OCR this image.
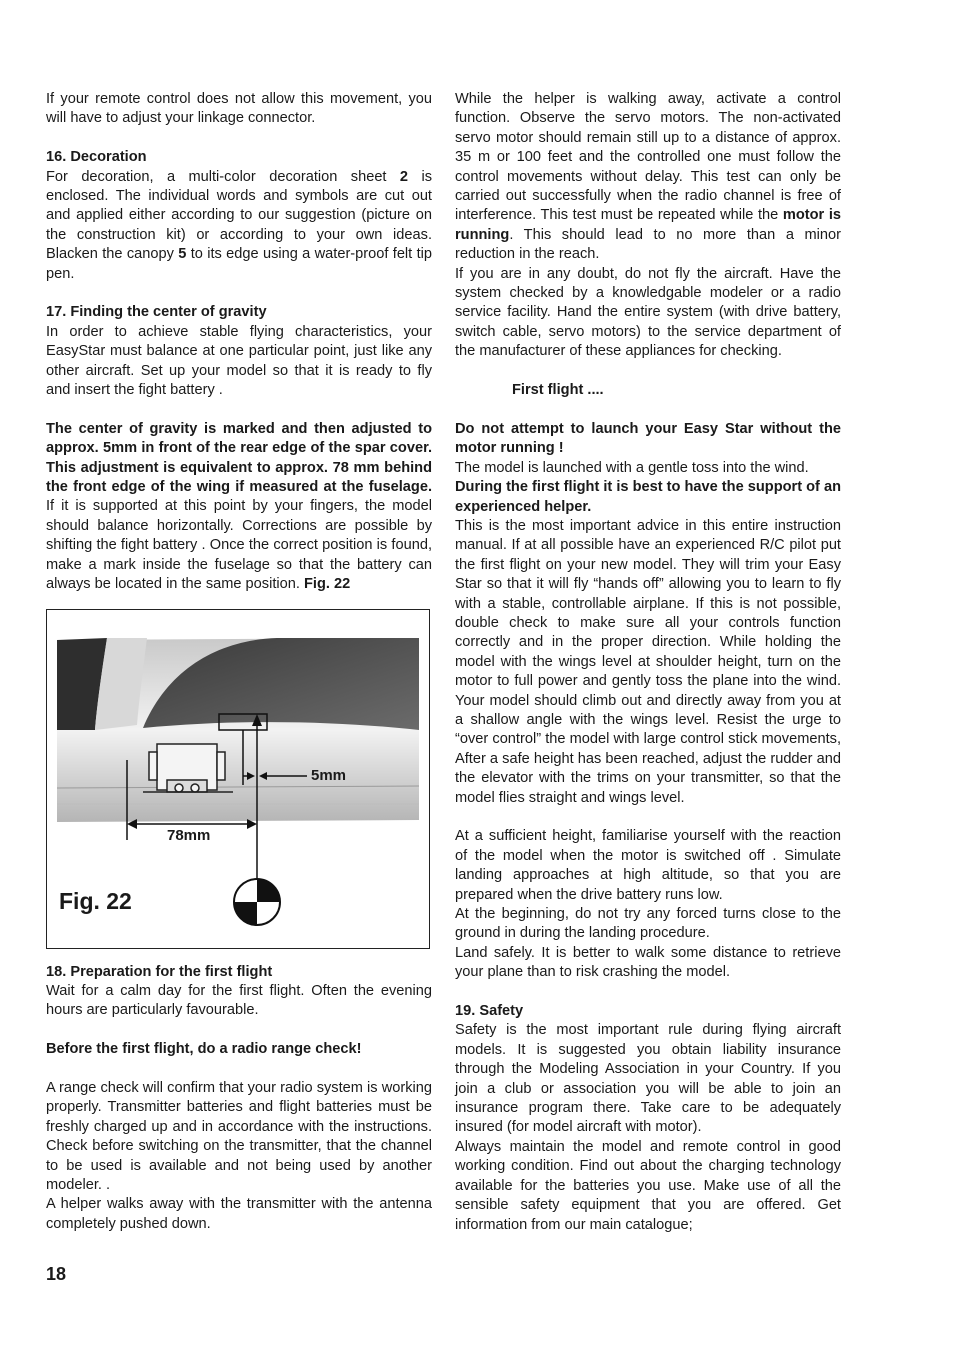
If your remote control does not allow this movement, you will have to adjust your linkage connector.

16. Decoration

For decoration, a multi-color decoration sheet 2 is enclosed. The individual words and symbols are cut out and applied either according to our suggestion (picture on the construction kit) or according to your own ideas. Blacken the canopy 5 to its edge using a water-proof felt tip pen.

17. Finding the center of gravity

In order to achieve stable flying characteristics, your EasyStar must balance at one particular point, just like any other aircraft. Set up your model so that it is ready to fly and insert the fight battery .

The center of gravity is marked and then adjusted to approx. 5mm in front of the rear edge of the spar cover. This adjustment is equivalent to approx. 78 mm behind the front edge of the wing if measured at the fuselage. If it is supported at this point by your fingers, the model should balance horizontally. Corrections are possible by shifting the fight battery . Once the correct position is found, make a mark inside the fuselage so that the battery can always be located in the same position. Fig. 22

Fig. 22
5mm
78mm
18. Preparation for the first flight

Wait for a calm day for the first flight. Often the evening hours are particularly favourable.

Before the first flight, do a radio range check!

A range check will confirm that your radio system is working properly. Transmitter batteries and flight batteries must be freshly charged up and in accordance with the instructions. Check before switching on the transmitter, that the channel to be used is available and not being used by another modeler. .

A helper walks away with the transmitter with the antenna completely pushed down.

While the helper is walking away, activate a control function. Observe the servo motors. The non-activated servo motor should remain still up to a distance of approx. 35 m or 100 feet and the controlled one must follow the control movements without delay. This test can only be carried out successfully when the radio channel is free of interference. This test must be repeated while the motor is running. This should lead to no more than a minor reduction in the reach.

If you are in any doubt, do not fly the aircraft. Have the system checked by a knowledgable modeler or a radio service facility. Hand the entire system (with drive battery, switch cable, servo motors) to the service department of the manufacturer of these appliances for checking.

First flight ....

Do not attempt to launch your Easy Star without the motor running !

The model is launched with a gentle toss into the wind.

During the first flight it is best to have the support of an experienced helper.

This is the most important advice in this entire instruction manual. If at all possible have an experienced R/C pilot put the first flight on your new model. They will trim your Easy Star so that it will fly “hands off” allowing you to learn to fly with a stable, controllable airplane. If this is not possible, double check to make sure all your controls function correctly and in the proper direction. While holding the model with the wings level at shoulder height, turn on the motor to full power and gently toss the plane into the wind. Your model should climb out and directly away from you at a shallow angle with the wings level. Resist the urge to “over control” the model with large control stick movements, After a safe height has been reached, adjust the rudder and the elevator with the trims on your transmitter, so that the model flies straight and wings level.

At a sufficient height, familiarise yourself with the reaction of the model when the motor is switched off . Simulate landing approaches at high altitude, so that you are prepared when the drive battery runs low.

At the beginning, do not try any forced turns close to the ground in during the landing procedure.

Land safely. It is better to walk some distance to retrieve your plane than to risk crashing the model.

19. Safety

Safety is the most important rule during flying aircraft models. It is suggested you obtain liability insurance through the Modeling Association in your Country. If you join a club or association you will be able to join an insurance program there. Take care to be adequately insured (for model aircraft with motor).

Always maintain the model and remote control in good working condition. Find out about the charging technology available for the batteries you use. Make use of all the sensible safety equipment that you are offered. Get information from our main catalogue;

18
